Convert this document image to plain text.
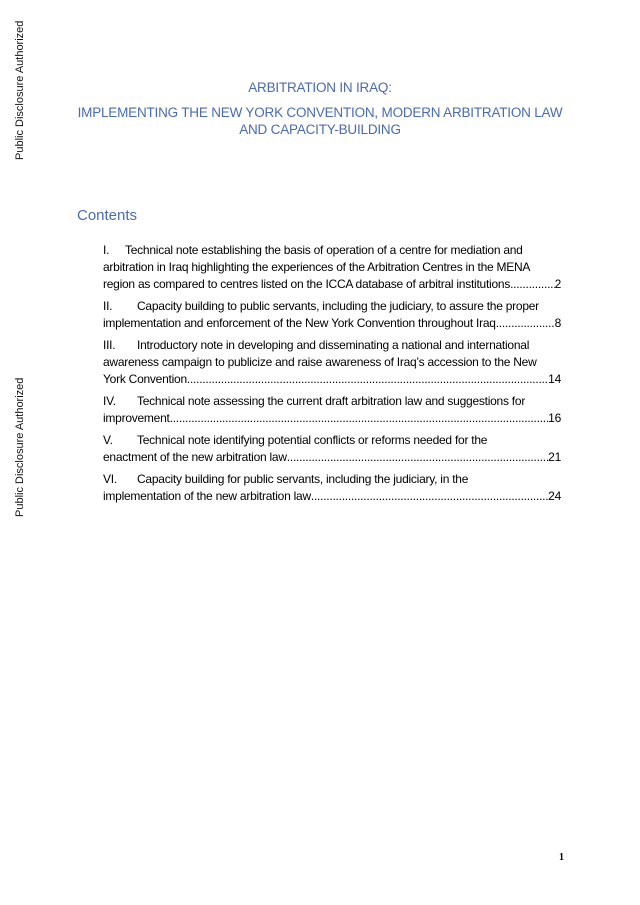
Public Disclosure Authorized
Public Disclosure Authorized
ARBITRATION IN IRAQ:
IMPLEMENTING THE NEW YORK CONVENTION, MODERN ARBITRATION LAW
AND CAPACITY-BUILDING
Contents
I. Technical note establishing the basis of operation of a centre for mediation and
arbitration in Iraq highlighting the experiences of the Arbitration Centres in the MENA
region as compared to centres listed on the ICCA database of arbitral institutions .....	2
II. Capacity building to public servants, including the judiciary, to assure the proper
implementation and enforcement of the New York Convention throughout Iraq .....	8
III. Introductory note in developing and disseminating a national and international
awareness campaign to publicize and raise awareness of Iraq’s accession to the New
York Convention .....	14
IV. Technical note assessing the current draft arbitration law and suggestions for
improvement .....	16
V. Technical note identifying potential conflicts or reforms needed for the
enactment of the new arbitration law .....	21
VI. Capacity building for public servants, including the judiciary, in the
implementation of the new arbitration law .....	24
1
